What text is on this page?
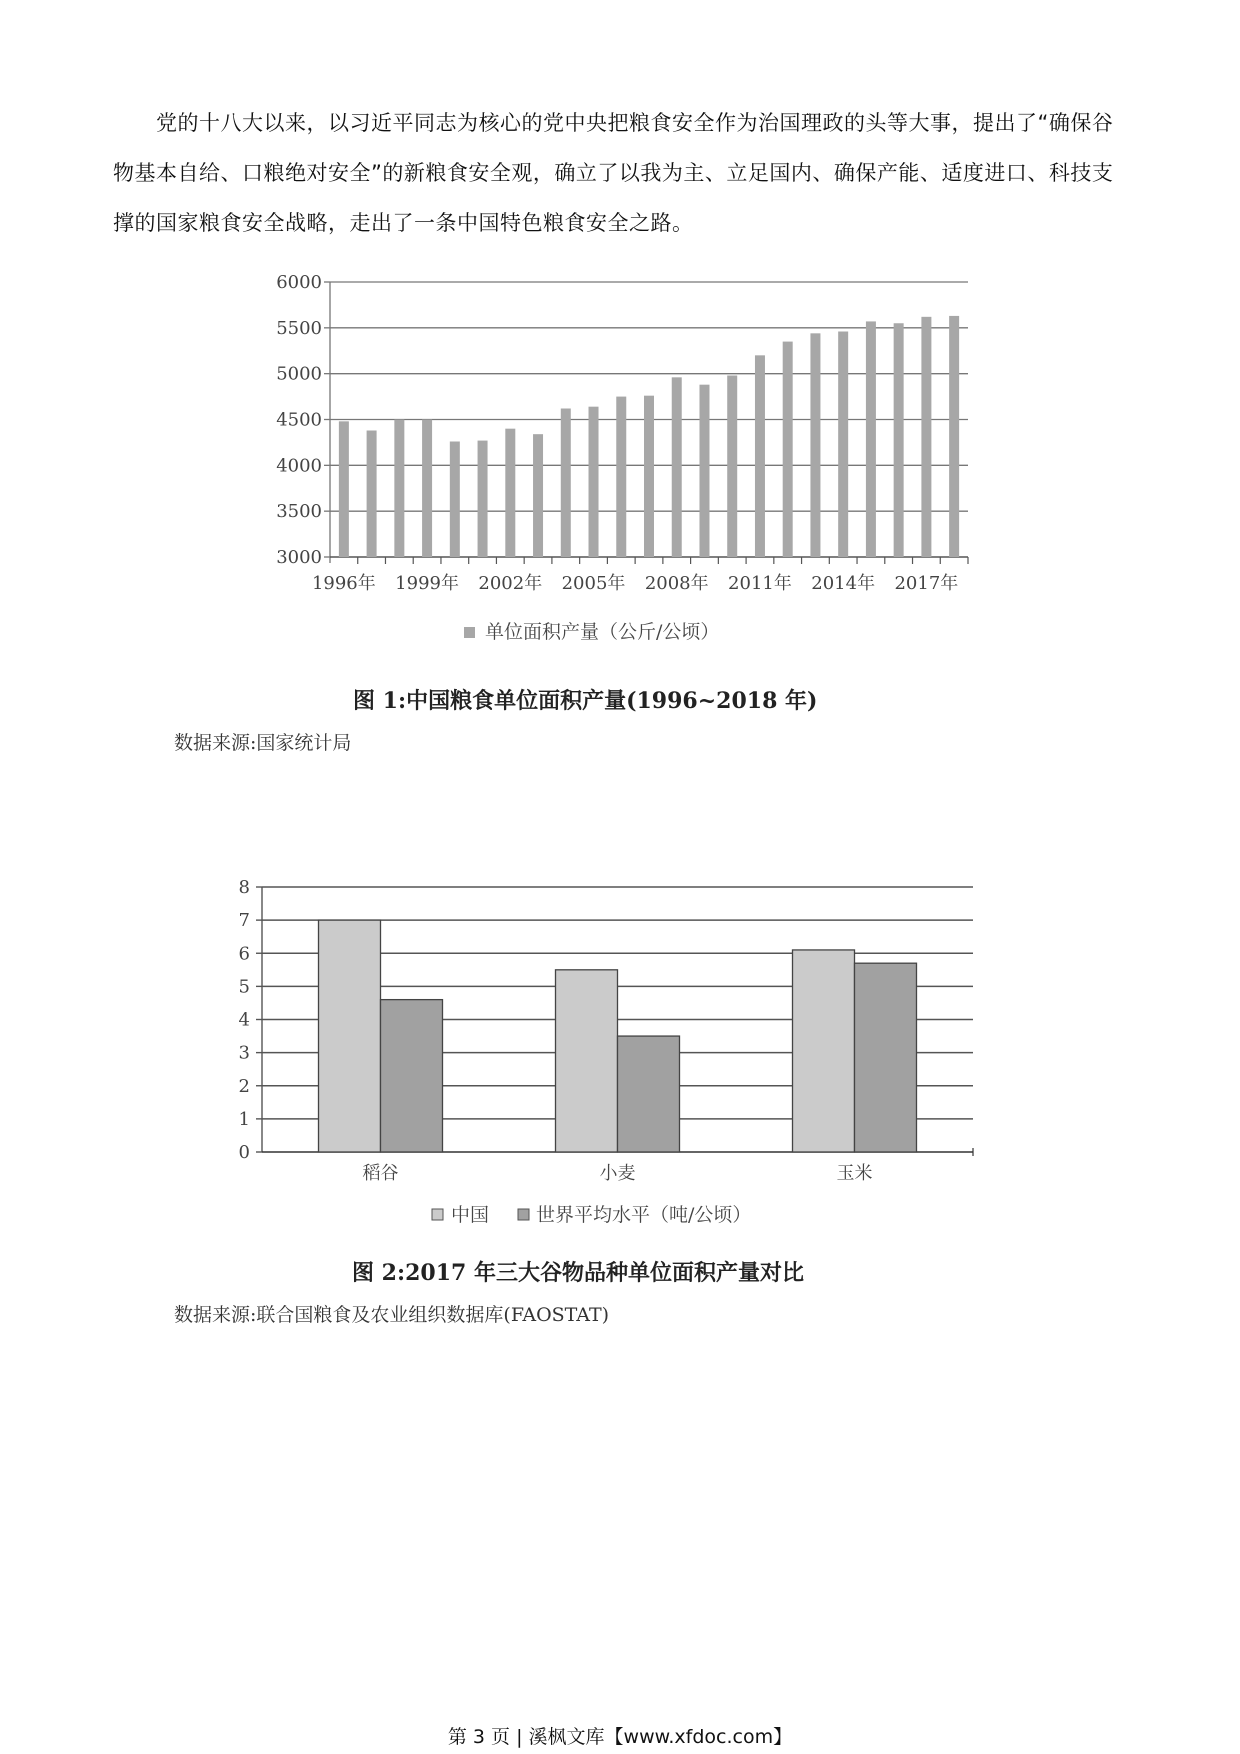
党的十八大以来，以习近平同志为核心的党中央把粮食安全作为治国理政的头等大事，提出了“确保谷物基本自给、口粮绝对安全”的新粮食安全观，确立了以我为主、立足国内、确保产能、适度进口、科技支撑的国家粮食安全战略，走出了一条中国特色粮食安全之路。

3000
3500
4000
4500
5000
5500
6000
1996年 1999年 2002年 2005年 2008年 2011年 2014年 2017年
单位面积产量（公斤/公顷）
图 1:中国粮食单位面积产量(1996~2018 年)
数据来源:国家统计局
0
1
2
3
4
5
6
7
8
稻谷	小麦	玉米
中国 世界平均水平（吨/公顷）
图 2:2017 年三大谷物品种单位面积产量对比
数据来源:联合国粮食及农业组织数据库(FAOSTAT)
第 3 页 | 溪枫文库【www.xfdoc.com】
